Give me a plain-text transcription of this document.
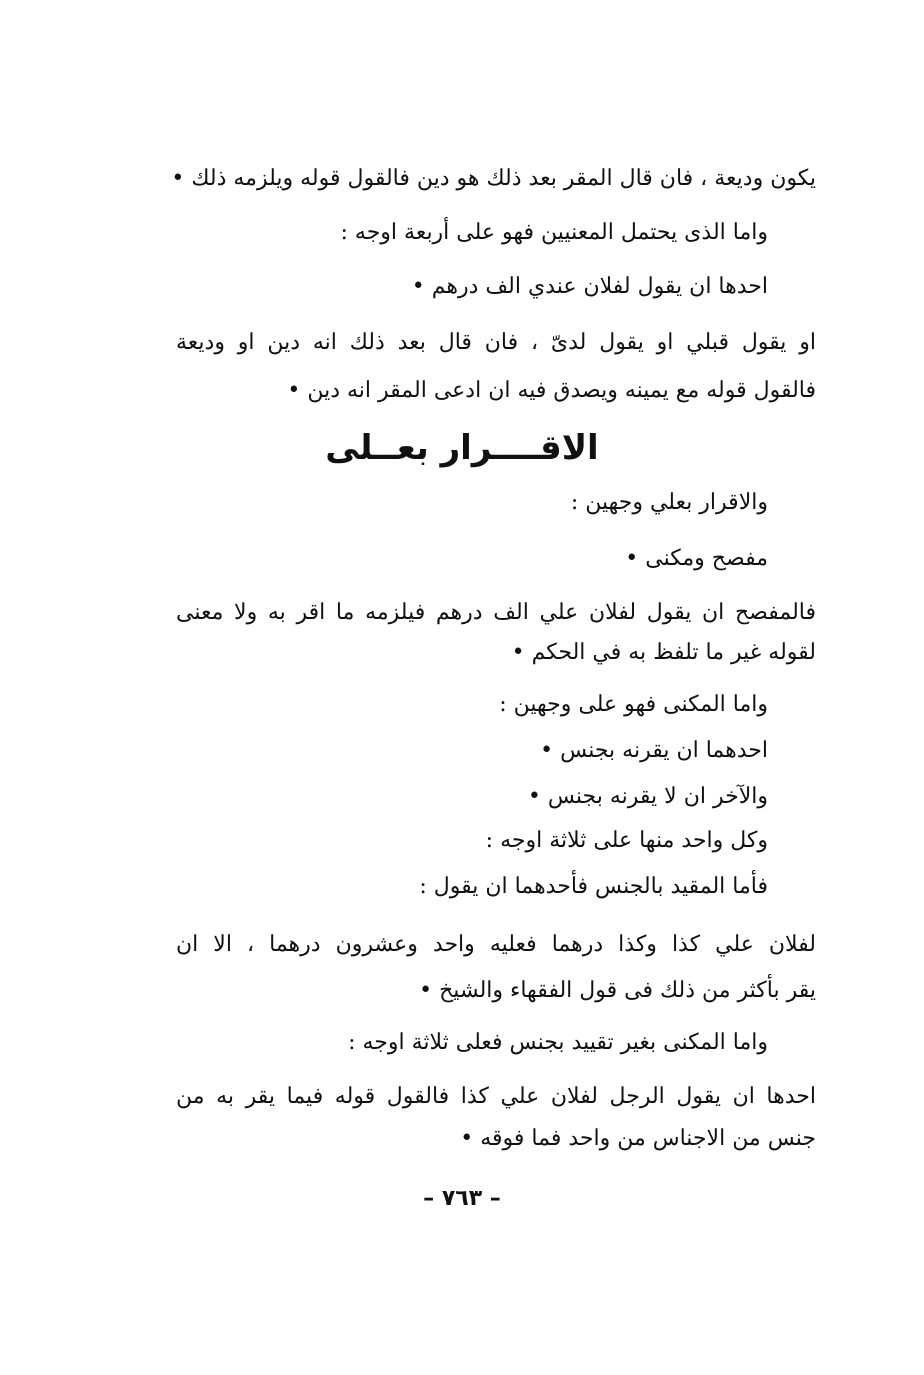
يكون وديعة ، فان قال المقر بعد ذلك هو دين فالقول قوله ويلزمه ذلك •
واما الذى يحتمل المعنيين فهو على أربعة اوجه :
احدها ان يقول لفلان عندي الف درهم •
او يقول قبلي او يقول لدىّ ، فان قال بعد ذلك انه دين او وديعة
فالقول قوله مع يمينه ويصدق فيه ان ادعى المقر انه دين •
الاقــــرار بعــلى
والاقرار بعلي وجهين :
مفصح ومكنى •
فالمفصح ان يقول لفلان علي الف درهم فيلزمه ما اقر به ولا معنى
لقوله غير ما تلفظ به في الحكم •
واما المكنى فهو على وجهين :
احدهما ان يقرنه بجنس •
والآخر ان لا يقرنه بجنس •
وكل واحد منها على ثلاثة اوجه :
فأما المقيد بالجنس فأحدهما ان يقول :
لفلان علي كذا وكذا درهما فعليه واحد وعشرون درهما ، الا ان
يقر بأكثر من ذلك فى قول الفقهاء والشيخ •
واما المكنى بغير تقييد بجنس فعلى ثلاثة اوجه :
احدها ان يقول الرجل لفلان علي كذا فالقول قوله فيما يقر به من
جنس من الاجناس من واحد فما فوقه •
– ٧٦٣ –
